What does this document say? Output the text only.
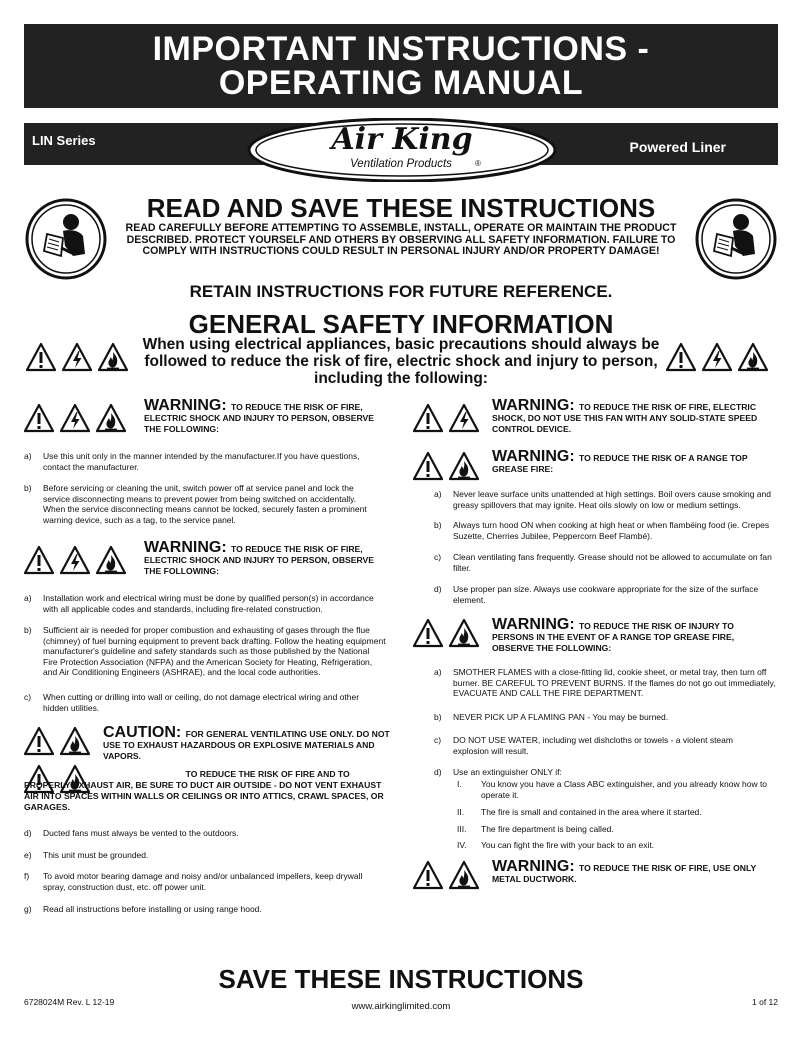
IMPORTANT INSTRUCTIONS -
OPERATING MANUAL
LIN Series	Powered Liner
Air King
Ventilation Products	®
READ AND SAVE THESE INSTRUCTIONS
READ CAREFULLY BEFORE ATTEMPTING TO ASSEMBLE, INSTALL, OPERATE OR MAINTAIN THE PRODUCT DESCRIBED. PROTECT YOURSELF AND OTHERS BY OBSERVING ALL SAFETY INFORMATION. FAILURE TO COMPLY WITH INSTRUCTIONS COULD RESULT IN PERSONAL INJURY AND/OR PROPERTY DAMAGE!
RETAIN INSTRUCTIONS FOR FUTURE REFERENCE.
GENERAL SAFETY INFORMATION
When using electrical appliances, basic precautions should always be followed to reduce the risk of fire, electric shock and injury to person, including the following:
WARNING: TO REDUCE THE RISK OF FIRE, ELECTRIC SHOCK AND INJURY TO PERSON, OBSERVE THE FOLLOWING:
a) Use this unit only in the manner intended by the manufacturer.If you have questions, contact the manufacturer.
b) Before servicing or cleaning the unit, switch power off at service panel and lock the service disconnecting means to prevent power from being switched on accidentally. When the service disconnecting means cannot be locked, securely fasten a prominent warning device, such as a tag, to the service panel.
WARNING: TO REDUCE THE RISK OF FIRE, ELECTRIC SHOCK AND INJURY TO PERSON, OBSERVE THE FOLLOWING:
a) Installation work and electrical wiring must be done by qualified person(s) in accordance with all applicable codes and standards, including fire-related construction.
b) Sufficient air is needed for proper combustion and exhausting of gases through the flue (chimney) of fuel burning equipment to prevent back drafting. Follow the heating equipment manufacturer's guideline and safety standards such as those published by the National Fire Protection Association (NFPA) and the American Society for Heating, Refrigeration, and Air Conditioning Engineers (ASHRAE), and the local code authorities.
c) When cutting or drilling into wall or ceiling, do not damage electrical wiring and other hidden utilities.
CAUTION: FOR GENERAL VENTILATING USE ONLY. DO NOT USE TO EXHAUST HAZARDOUS OR EXPLOSIVE MATERIALS AND VAPORS.
TO REDUCE THE RISK OF FIRE AND TO PROPERLY EXHAUST AIR, BE SURE TO DUCT AIR OUTSIDE - DO NOT VENT EXHAUST AIR INTO SPACES WITHIN WALLS OR CEILINGS OR INTO ATTICS, CRAWL SPACES, OR GARAGES.
d) Ducted fans must always be vented to the outdoors.
e) This unit must be grounded.
f) To avoid motor bearing damage and noisy and/or unbalanced impellers, keep drywall spray, construction dust, etc. off power unit.
g) Read all instructions before installing or using range hood.
WARNING: TO REDUCE THE RISK OF FIRE, ELECTRIC SHOCK, DO NOT USE THIS FAN WITH ANY SOLID-STATE SPEED CONTROL DEVICE.
WARNING: TO REDUCE THE RISK OF A RANGE TOP GREASE FIRE:
a) Never leave surface units unattended at high settings. Boil overs cause smoking and greasy spillovers that may ignite. Heat oils slowly on low or medium settings.
b) Always turn hood ON when cooking at high heat or when flambéing food (ie. Crepes Suzette, Cherries Jubilee, Peppercorn Beef Flambé).
c) Clean ventilating fans frequently. Grease should not be allowed to accumulate on fan filter.
d) Use proper pan size. Always use cookware appropriate for the size of the surface element.
WARNING: TO REDUCE THE RISK OF INJURY TO PERSONS IN THE EVENT OF A RANGE TOP GREASE FIRE, OBSERVE THE FOLLOWING:
a) SMOTHER FLAMES with a close-fitting lid, cookie sheet, or metal tray, then turn off burner. BE CAREFUL TO PREVENT BURNS. If the flames do not go out immediately, EVACUATE AND CALL THE FIRE DEPARTMENT.
b) NEVER PICK UP A FLAMING PAN - You may be burned.
c) DO NOT USE WATER, including wet dishcloths or towels - a violent steam explosion will result.
d) Use an extinguisher ONLY if:
I. You know you have a Class ABC extinguisher, and you already know how to operate it.
II. The fire is small and contained in the area where it started.
III. The fire department is being called.
IV. You can fight the fire with your back to an exit.
WARNING: TO REDUCE THE RISK OF FIRE, USE ONLY METAL DUCTWORK.
SAVE THESE INSTRUCTIONS
6728024M Rev. L 12-19	www.airkinglimited.com	1 of 12
